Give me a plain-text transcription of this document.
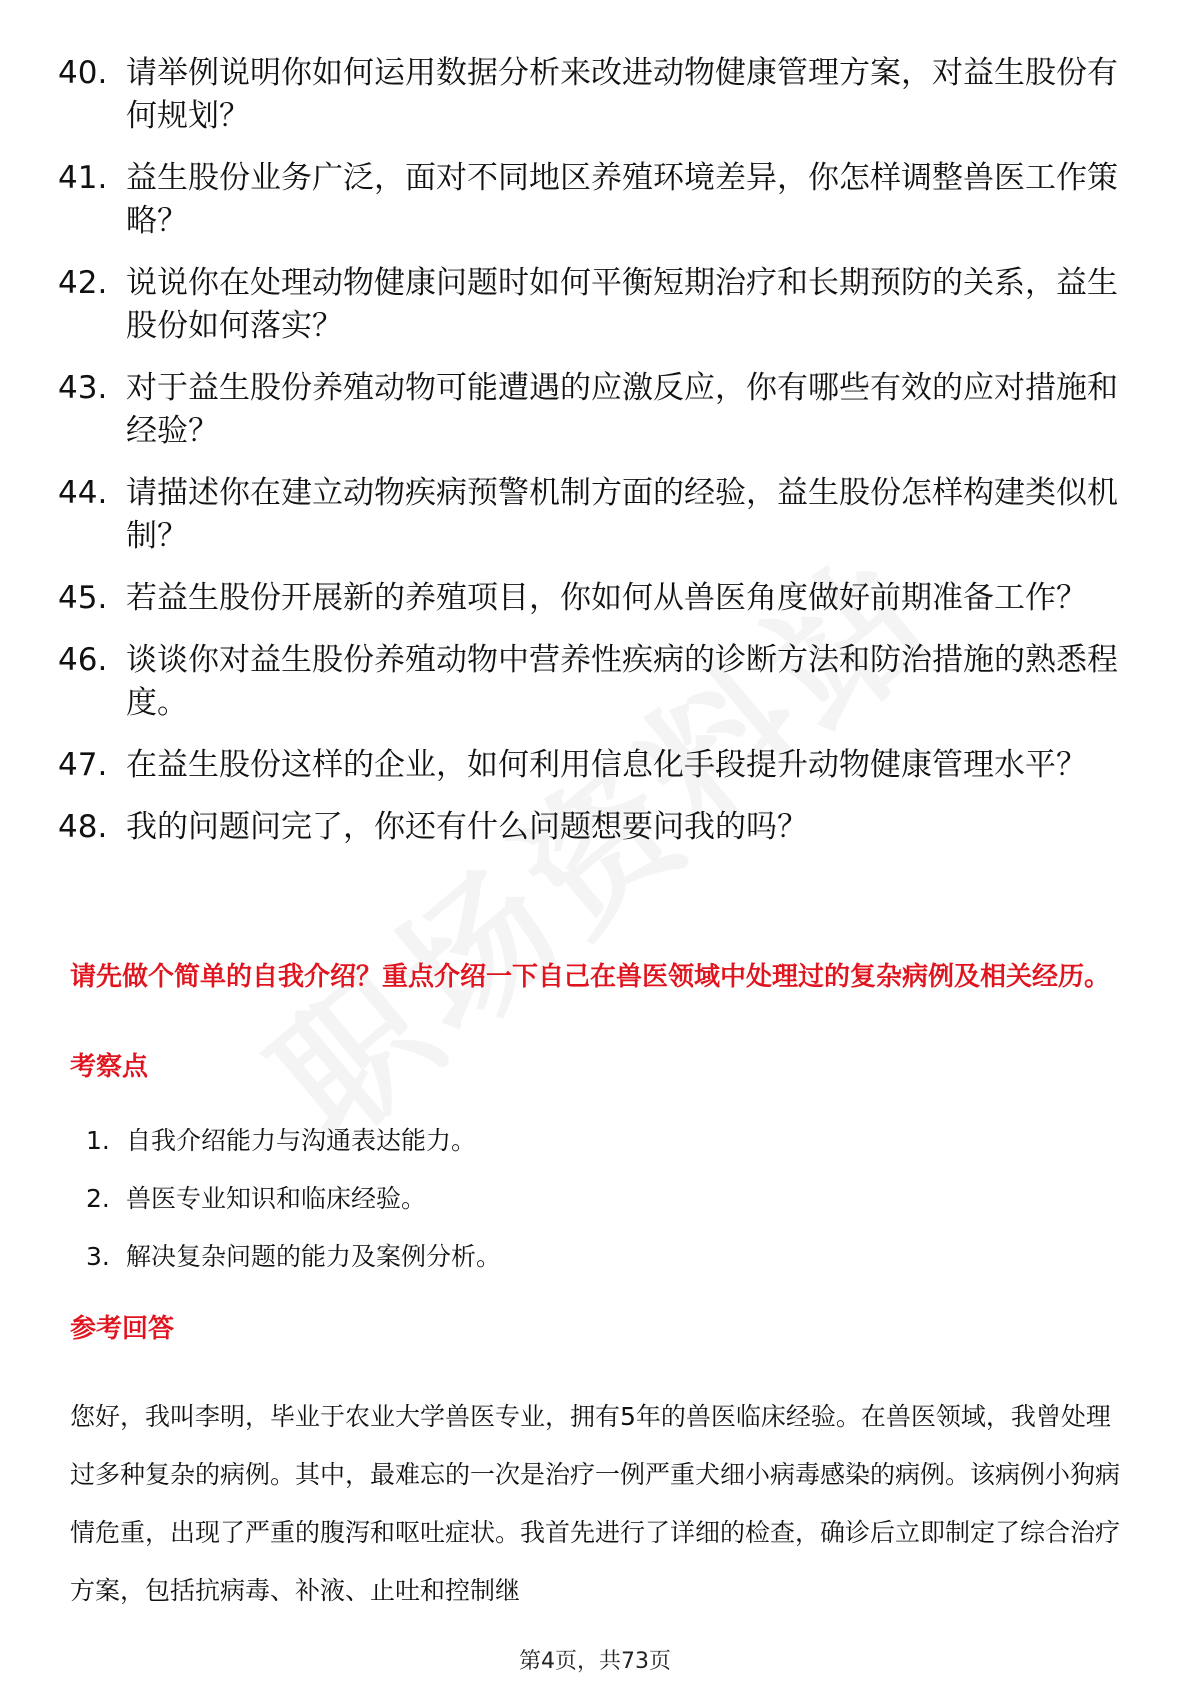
40. 请举例说明你如何运用数据分析来改进动物健康管理方案，对益生股份有何规划？
41. 益生股份业务广泛，面对不同地区养殖环境差异，你怎样调整兽医工作策略？
42. 说说你在处理动物健康问题时如何平衡短期治疗和长期预防的关系，益生股份如何落实？
43. 对于益生股份养殖动物可能遭遇的应激反应，你有哪些有效的应对措施和经验？
44. 请描述你在建立动物疾病预警机制方面的经验，益生股份怎样构建类似机制？
45. 若益生股份开展新的养殖项目，你如何从兽医角度做好前期准备工作？
46. 谈谈你对益生股份养殖动物中营养性疾病的诊断方法和防治措施的熟悉程度。
47. 在益生股份这样的企业，如何利用信息化手段提升动物健康管理水平？
48. 我的问题问完了，你还有什么问题想要问我的吗？

请先做个简单的自我介绍？重点介绍一下自己在兽医领域中处理过的复杂病例及相关经历。

考察点

1. 自我介绍能力与沟通表达能力。
2. 兽医专业知识和临床经验。
3. 解决复杂问题的能力及案例分析。

参考回答

您好，我叫李明，毕业于农业大学兽医专业，拥有5年的兽医临床经验。在兽医领域，我曾处理过多种复杂的病例。其中，最难忘的一次是治疗一例严重犬细小病毒感染的病例。该病例小狗病情危重，出现了严重的腹泻和呕吐症状。我首先进行了详细的检查，确诊后立即制定了综合治疗方案，包括抗病毒、补液、止吐和控制继

第4页，共73页
